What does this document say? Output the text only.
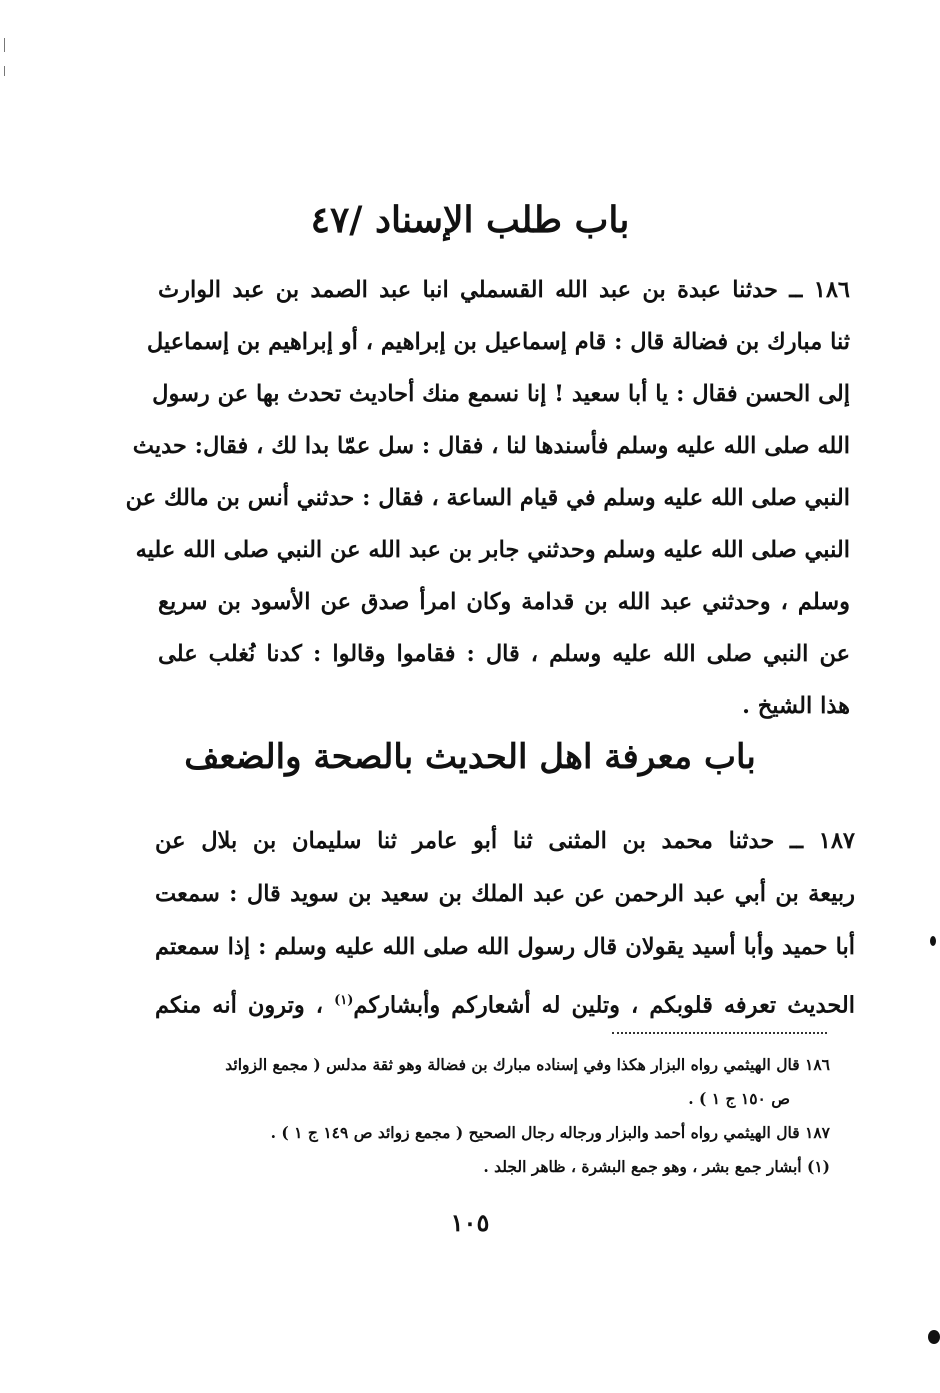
باب طلب الإسناد /٤٧
١٨٦ ــ حدثنا عبدة بن عبد الله القسملي انبا عبد الصمد بن عبد الوارث
ثنا مبارك بن فضالة قال : قام إسماعيل بن إبراهيم ، أو إبراهيم بن إسماعيل
إلى الحسن فقال : يا أبا سعيد ! إنا نسمع منك أحاديث تحدث بها عن رسول
الله صلى الله عليه وسلم فأسندها لنا ، فقال : سل عمّا بدا لك ، فقال: حديث
النبي صلى الله عليه وسلم في قيام الساعة ، فقال : حدثني أنس بن مالك عن
النبي صلى الله عليه وسلم وحدثني جابر بن عبد الله عن النبي صلى الله عليه
وسلم ، وحدثني عبد الله بن قدامة وكان امرأ صدق عن الأسود بن سريع
عن النبي صلى الله عليه وسلم ، قال : فقاموا وقالوا : كدنا نُغلب على
هذا الشيخ .
باب معرفة اهل الحديث بالصحة والضعف
١٨٧ ــ حدثنا محمد بن المثنى ثنا أبو عامر ثنا سليمان بن بلال عن
ربيعة بن أبي عبد الرحمن عن عبد الملك بن سعيد بن سويد قال : سمعت
أبا حميد وأبا أسيد يقولان قال رسول الله صلى الله عليه وسلم : إذا سمعتم
الحديث تعرفه قلوبكم ، وتلين له أشعاركم وأبشاركم$^{(١)}$ ، وترون أنه منكم
١٨٦ قال الهيثمي رواه البزار هكذا وفي إسناده مبارك بن فضالة وهو ثقة مدلس ( مجمع الزوائد
ص ١٥٠ ج ١ ) .
١٨٧ قال الهيثمي رواه أحمد والبزار ورجاله رجال الصحيح ( مجمع زوائد ص ١٤٩ ج ١ ) .
(١) أبشار جمع بشر ، وهو جمع البشرة ، ظاهر الجلد .
١٠٥
